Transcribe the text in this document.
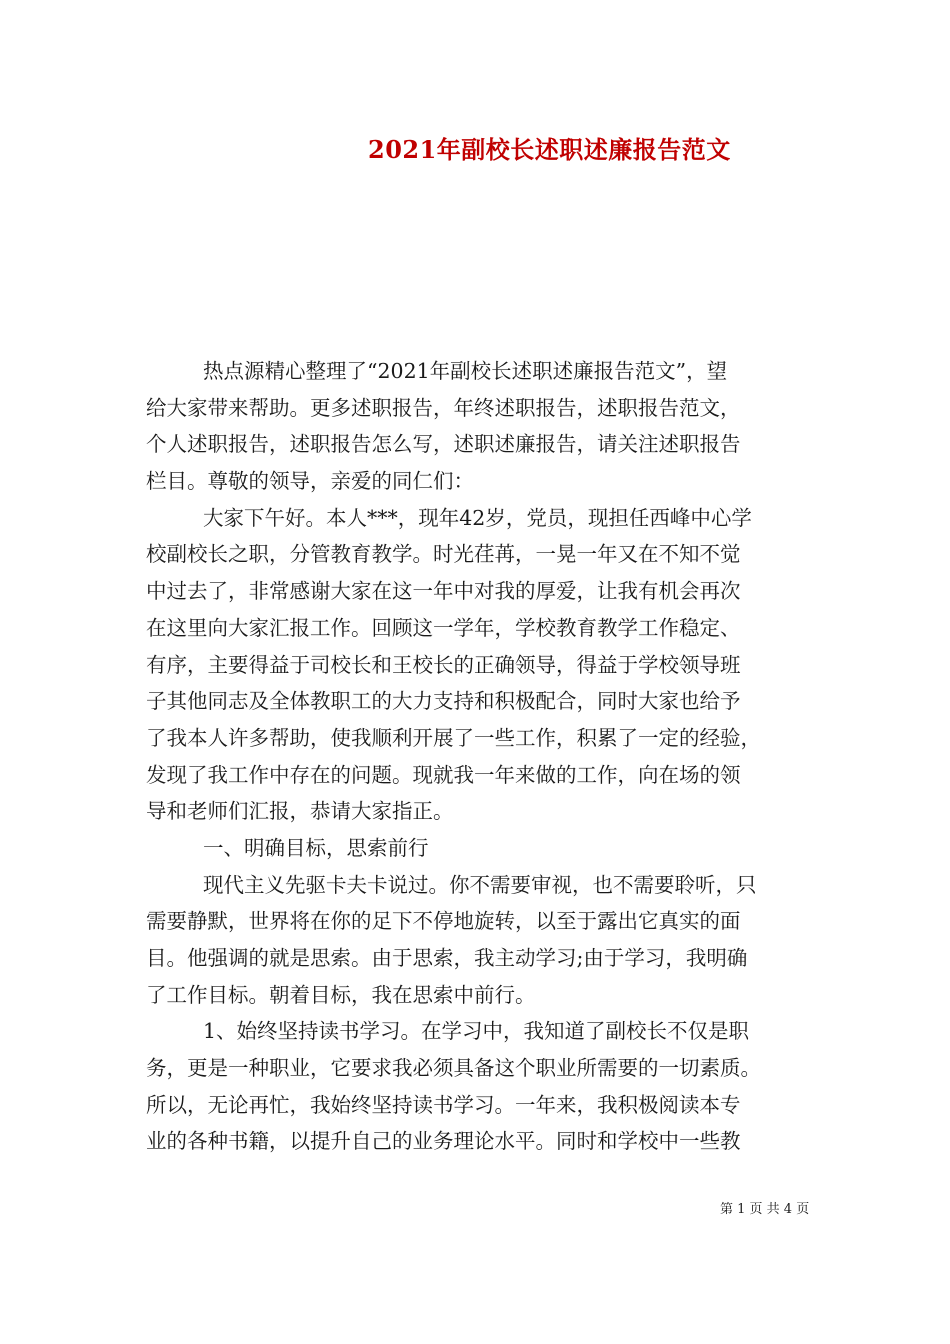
2021年副校长述职述廉报告范文
热点源精心整理了“2021年副校长述职述廉报告范文”，望
给大家带来帮助。更多述职报告，年终述职报告，述职报告范文，
个人述职报告，述职报告怎么写，述职述廉报告，请关注述职报告
栏目。尊敬的领导，亲爱的同仁们：
大家下午好。本人***，现年42岁，党员，现担任西峰中心学
校副校长之职，分管教育教学。时光荏苒，一晃一年又在不知不觉
中过去了，非常感谢大家在这一年中对我的厚爱，让我有机会再次
在这里向大家汇报工作。回顾这一学年，学校教育教学工作稳定、
有序，主要得益于司校长和王校长的正确领导，得益于学校领导班
子其他同志及全体教职工的大力支持和积极配合，同时大家也给予
了我本人许多帮助，使我顺利开展了一些工作，积累了一定的经验，
发现了我工作中存在的问题。现就我一年来做的工作，向在场的领
导和老师们汇报，恭请大家指正。
一、明确目标，思索前行
现代主义先驱卡夫卡说过。你不需要审视，也不需要聆听，只
需要静默，世界将在你的足下不停地旋转，以至于露出它真实的面
目。他强调的就是思索。由于思索，我主动学习;由于学习，我明确
了工作目标。朝着目标，我在思索中前行。
1、始终坚持读书学习。在学习中，我知道了副校长不仅是职
务，更是一种职业，它要求我必须具备这个职业所需要的一切素质。
所以，无论再忙，我始终坚持读书学习。一年来，我积极阅读本专
业的各种书籍，以提升自己的业务理论水平。同时和学校中一些教
第 1 页 共 4 页
